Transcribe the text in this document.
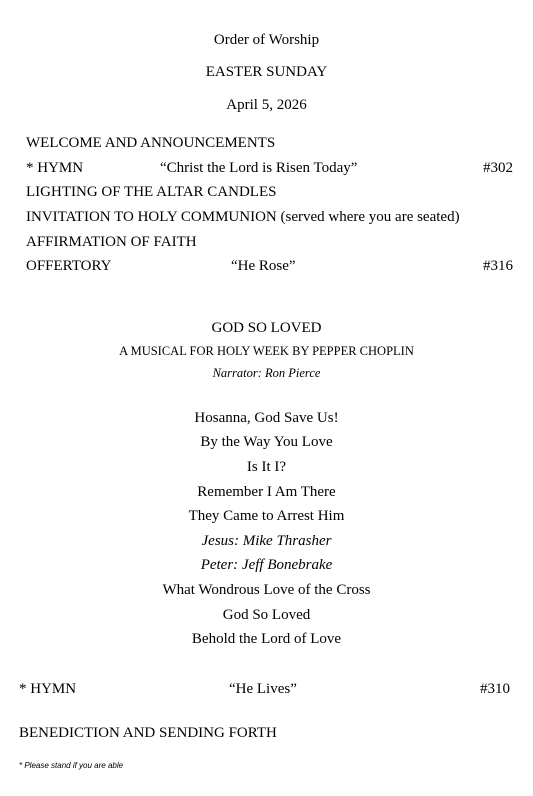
Order of Worship
EASTER SUNDAY
April 5, 2026
WELCOME AND ANNOUNCEMENTS
* HYMN	“Christ the Lord is Risen Today”	#302
LIGHTING OF THE ALTAR CANDLES
INVITATION TO HOLY COMMUNION (served where you are seated)
AFFIRMATION OF FAITH
OFFERTORY	“He Rose”	#316
GOD SO LOVED
A MUSICAL FOR HOLY WEEK BY PEPPER CHOPLIN
Narrator: Ron Pierce
Hosanna, God Save Us!
By the Way You Love
Is It I?
Remember I Am There
They Came to Arrest Him
Jesus: Mike Thrasher
Peter: Jeff Bonebrake
What Wondrous Love of the Cross
God So Loved
Behold the Lord of Love
* HYMN	“He Lives”	#310
BENEDICTION AND SENDING FORTH
* Please stand if you are able
